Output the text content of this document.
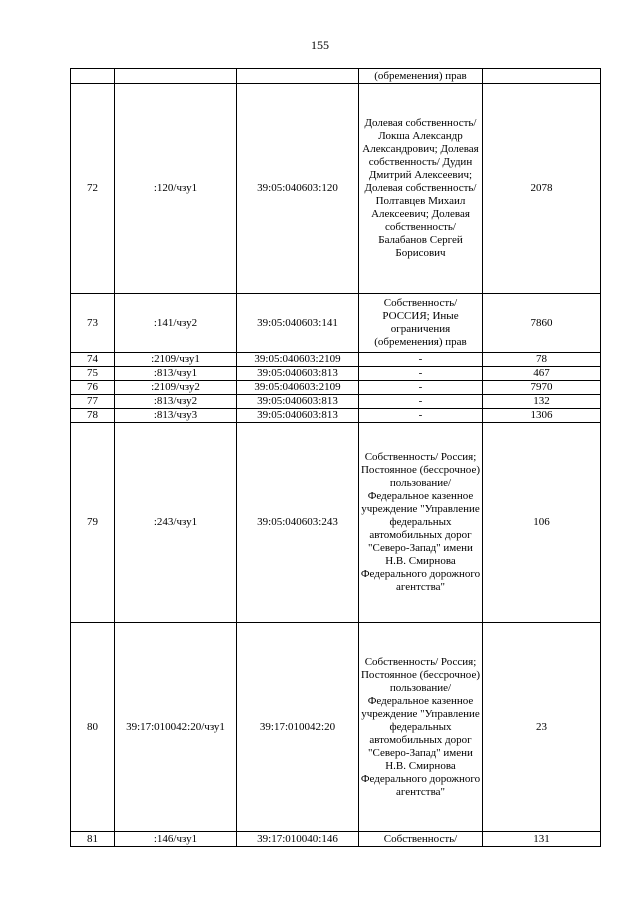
155
			(обременения) прав	
72	:120/чзу1	39:05:040603:120	Долевая собственность/ Локша Александр Александрович; Долевая собственность/ Дудин Дмитрий Алексеевич; Долевая собственность/ Полтавцев Михаил Алексеевич; Долевая собственность/ Балабанов Сергей Борисович	2078
73	:141/чзу2	39:05:040603:141	Собственность/ РОССИЯ; Иные ограничения (обременения) прав	7860
74	:2109/чзу1	39:05:040603:2109	-	78
75	:813/чзу1	39:05:040603:813	-	467
76	:2109/чзу2	39:05:040603:2109	-	7970
77	:813/чзу2	39:05:040603:813	-	132
78	:813/чзу3	39:05:040603:813	-	1306
79	:243/чзу1	39:05:040603:243	Собственность/ Россия; Постоянное (бессрочное) пользование/ Федеральное казенное учреждение "Управление федеральных автомобильных дорог "Северо-Запад" имени Н.В. Смирнова Федерального дорожного агентства"	106
80	39:17:010042:20/чзу1	39:17:010042:20	Собственность/ Россия; Постоянное (бессрочное) пользование/ Федеральное казенное учреждение "Управление федеральных автомобильных дорог "Северо-Запад" имени Н.В. Смирнова Федерального дорожного агентства"	23
81	:146/чзу1	39:17:010040:146	Собственность/	131
